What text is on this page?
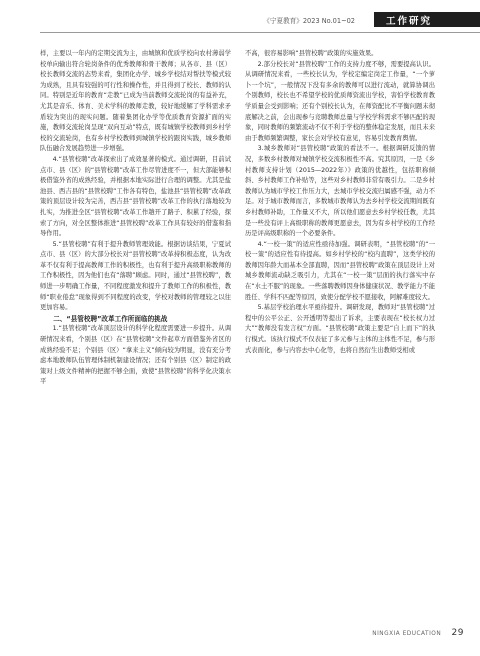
《宁夏教育》2023 No.01~02	工作研究

样，主要以一年内的定期交流为主，由城镇和优质学校向农村薄弱学校单向输出符合轮岗条件的优秀教师和骨干教师；从各市、县（区）校长教师交流的态势来看，集团化办学、城乡学校结对帮扶等模式较为成熟，且具有较强的可行性和操作性，并且得到了校长、教师的认同。特别是近年的教育“走教”已成为当前教师交流轮岗的有益补充，尤其是音乐、体育、美术学科的教师走教，较好地缓解了学科需求矛盾较为突出的现实问题。随着集团化办学等优质教育资源扩面的实施，教师交流轮岗呈现“双向互动”特点，既有城镇学校教师到乡村学校的交流轮岗，也有乡村学校教师到城镇学校的跟岗实践，城乡教师队伍融合发展趋势进一步增强。

4.“县管校聘”改革探索出了成效显著的模式。通过调研，目前试点市、县（区）的“县管校聘”改革工作尽管进度不一，但大部能够积极借鉴外省的成熟经验，并根据本地实际进行合理的调整。尤其是盐池县、西吉县的“县管校聘”工作各有特色，盐池县“县管校聘”改革政策的顶层设计较为完善，西吉县“县管校聘”改革工作的执行落地较为扎实，为推进全区“县管校聘”改革工作趟开了路子、积累了经验，探索了方向，对全区整体推进“县管校聘”改革工作具有较好的借鉴和指导作用。

5.“县管校聘”有利于提升教师管理效能。根据访谈结果，宁夏试点市、县（区）的大部分校长对“县管校聘”改革持积极态度，认为改革不仅有利于提高教师工作的积极性，也有利于提升高级职称教师的工作积极性，因为他们也有“落聘”顾虑。同时，通过“县管校聘”，教师进一步明确工作量，不同程度激发和提升了教师工作的积极性，教师“职业倦怠”现象得到不同程度的改变，学校对教师的管理较之以往更加容易。

二、“县管校聘”改革工作所面临的挑战

1.“县管校聘”改革顶层设计的科学化程度需要进一步提升。从调研情况来看，个别县（区）在“县管校聘”文件起草方面借鉴外省区的成熟经验不足；个别县（区）“拿来主义”倾向较为明显，没有充分考虑本地教师队伍管理体制机制建设情况；还有个别县（区）制定的政策对上级文件精神的把握不够全面，致使“县管校聘”的科学化决策水平

不高，很容易影响“县管校聘”政策的实施效果。

2.部分校长对“县管校聘”工作的支持力度不够，需要提高认识。从调研情况来看，一些校长认为，学校定编定岗定工作量，“一个萝卜一个坑”，一般情况下没有多余的教师可以进行流动，就算协调出个别教师，校长也不希望学校的优质师资流出学校，害怕学校教育教学质量会受到影响；还有个别校长认为，在师资配比不平衡问题未彻底解决之前，会出现参与竞聘教师总量与学校学科需求不够匹配的现象，同时教师的频繁流动不仅不利于学校的整体稳定发展，而且未来由于教师频繁调整，家长会对学校有意见，容易引发教育舆情。

3.城乡教师对“县管校聘”政策的看法不一。根据调研反馈的情况，多数乡村教师对城镇学校交流积极性不高。究其原因，一是《乡村教师支持计划（2015—2022年）》政策的优越性，包括职称倾斜、乡村教师工作补贴等，这些对乡村教师非常有吸引力。二是乡村教师认为城市学校工作压力大，去城市学校交流归属感不强，动力不足。对于城市教师而言，多数城市教师认为去乡村学校交流期间既有乡村教师补助，工作量又不大，所以他们愿意去乡村学校任教，尤其是一些没有评上高级职称的教师更愿意去，因为有乡村学校的工作经历是评高级职称的一个必要条件。

4.“一校一策”的适应性亟待加强。调研表明，“县管校聘”的“一校一策”的适应性有待提高。如乡村学校的“校内直聘”，这类学校的教师因年龄大而基本全部直聘，因而“县管校聘”政策在顶层设计上对城乡教师流动缺乏吸引力，尤其在“一校一策”层面的执行落实中存在“水土不服”的现象。一些落聘教师因身体健康状况、教学能力不能胜任、学科不匹配等原因，致使分配学校不愿接收，阿解难度较大。

5.基层学校治理水平亟待提升。调研发现，教师对“县管校聘”过程中的公平公正、公开透明等提出了诉求，主要表现在“校长权力过大”“教师没有发言权”方面。“县管校聘”政策主要是“自上而下”的执行模式。该执行模式不仅表征了多元参与主体的主体性不足，参与形式表面化，参与内容去中心化等，也将自然衍生出教师受相或

NINGXIA EDUCATION 29
